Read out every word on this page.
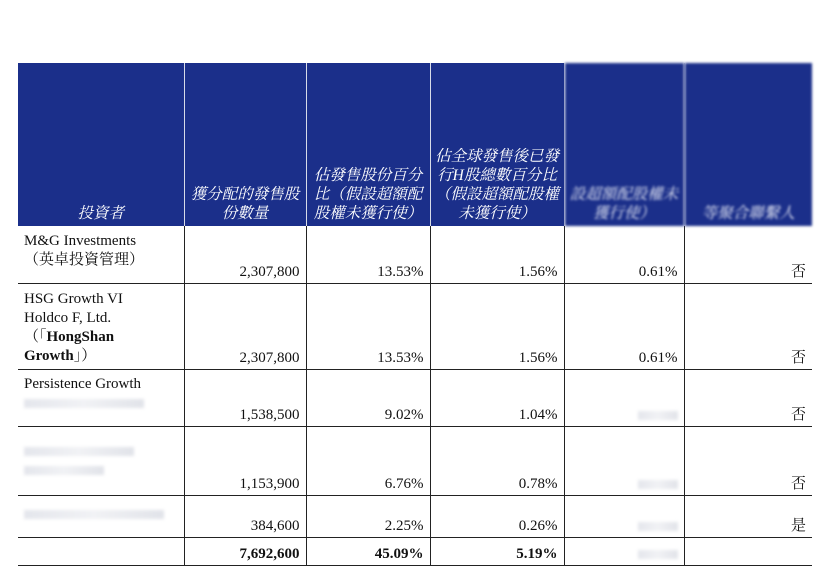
投資者	獲分配的發售股份數量	佔發售股份百分比（假設超額配股權未獲行使）	佔全球發售後已發行H股總數百分比（假設超額配股權未獲行使）	設超額配股權未獲行使）	等聚合聯繫人
M&G Investments
（英卓投資管理）	2,307,800	13.53%	1.56%	0.61%	否
HSG Growth VI
Holdco F, Ltd.
（「HongShan
Growth」）	2,307,800	13.53%	1.56%	0.61%	否
Persistence Growth	1,538,500	9.02%	1.04%		否

	1,153,900	6.76%	0.78%		否
	384,600	2.25%	0.26%		是
	7,692,600	45.09%	5.19%		
